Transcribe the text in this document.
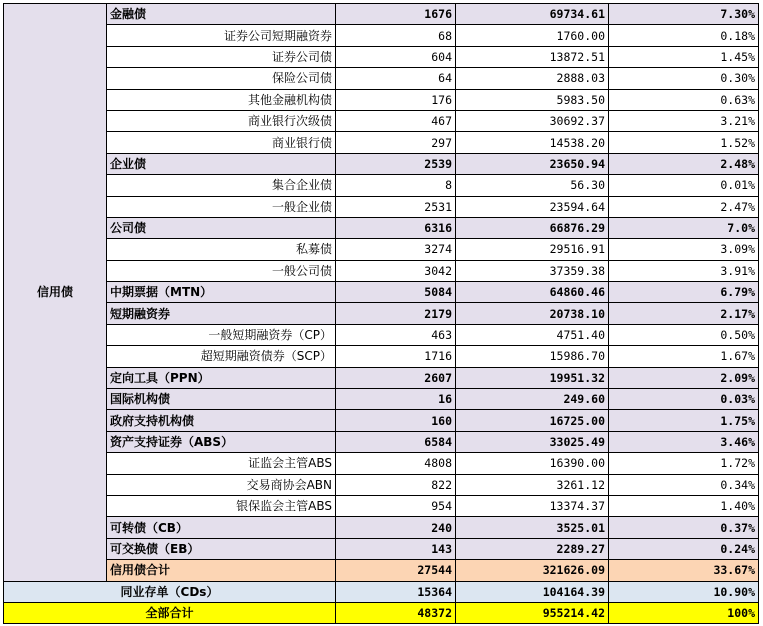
信用债	金融债	1676	69734.61	7.30%
	证券公司短期融资券	68	1760.00	0.18%
	证券公司债	604	13872.51	1.45%
	保险公司债	64	2888.03	0.30%
	其他金融机构债	176	5983.50	0.63%
	商业银行次级债	467	30692.37	3.21%
	商业银行债	297	14538.20	1.52%
	企业债	2539	23650.94	2.48%
	集合企业债	8	56.30	0.01%
	一般企业债	2531	23594.64	2.47%
	公司债	6316	66876.29	7.0%
	私募债	3274	29516.91	3.09%
	一般公司债	3042	37359.38	3.91%
	中期票据（MTN）	5084	64860.46	6.79%
	短期融资券	2179	20738.10	2.17%
	一般短期融资券（CP）	463	4751.40	0.50%
	超短期融资债券（SCP）	1716	15986.70	1.67%
	定向工具（PPN）	2607	19951.32	2.09%
	国际机构债	16	249.60	0.03%
	政府支持机构债	160	16725.00	1.75%
	资产支持证券（ABS）	6584	33025.49	3.46%
	证监会主管ABS	4808	16390.00	1.72%
	交易商协会ABN	822	3261.12	0.34%
	银保监会主管ABS	954	13374.37	1.40%
	可转债（CB）	240	3525.01	0.37%
	可交换债（EB）	143	2289.27	0.24%
	信用债合计	27544	321626.09	33.67%
同业存单（CDs）		15364	104164.39	10.90%
全部合计		48372	955214.42	100%
